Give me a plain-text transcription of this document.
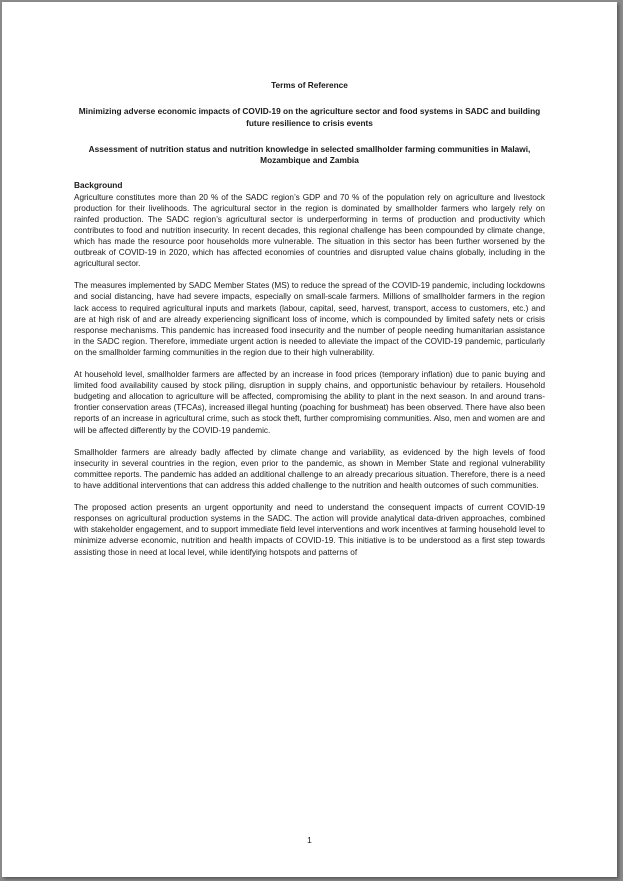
Terms of Reference

Minimizing adverse economic impacts of COVID-19 on the agriculture sector and food systems in SADC and building future resilience to crisis events

Assessment of nutrition status and nutrition knowledge in selected smallholder farming communities in Malawi, Mozambique and Zambia

Background

Agriculture constitutes more than 20 % of the SADC region’s GDP and 70 % of the population rely on agriculture and livestock production for their livelihoods. The agricultural sector in the region is dominated by smallholder farmers who largely rely on rainfed production. The SADC region’s agricultural sector is underperforming in terms of production and productivity which contributes to food and nutrition insecurity. In recent decades, this regional challenge has been compounded by climate change, which has made the resource poor households more vulnerable. The situation in this sector has been further worsened by the outbreak of COVID-19 in 2020, which has affected economies of countries and disrupted value chains globally, including in the agricultural sector.

The measures implemented by SADC Member States (MS) to reduce the spread of the COVID-19 pandemic, including lockdowns and social distancing, have had severe impacts, especially on small-scale farmers. Millions of smallholder farmers in the region lack access to required agricultural inputs and markets (labour, capital, seed, harvest, transport, access to customers, etc.) and are at high risk of and are already experiencing significant loss of income, which is compounded by limited safety nets or crisis response mechanisms. This pandemic has increased food insecurity and the number of people needing humanitarian assistance in the SADC region. Therefore, immediate urgent action is needed to alleviate the impact of the COVID-19 pandemic, particularly on the smallholder farming communities in the region due to their high vulnerability.

At household level, smallholder farmers are affected by an increase in food prices (temporary inflation) due to panic buying and limited food availability caused by stock piling, disruption in supply chains, and opportunistic behaviour by retailers. Household budgeting and allocation to agriculture will be affected, compromising the ability to plant in the next season. In and around trans-frontier conservation areas (TFCAs), increased illegal hunting (poaching for bushmeat) has been observed. There have also been reports of an increase in agricultural crime, such as stock theft, further compromising communities. Also, men and women are and will be affected differently by the COVID-19 pandemic.

Smallholder farmers are already badly affected by climate change and variability, as evidenced by the high levels of food insecurity in several countries in the region, even prior to the pandemic, as shown in Member State and regional vulnerability committee reports. The pandemic has added an additional challenge to an already precarious situation. Therefore, there is a need to have additional interventions that can address this added challenge to the nutrition and health outcomes of such communities.

The proposed action presents an urgent opportunity and need to understand the consequent impacts of current COVID-19 responses on agricultural production systems in the SADC. The action will provide analytical data-driven approaches, combined with stakeholder engagement, and to support immediate field level interventions and work incentives at farming household level to minimize adverse economic, nutrition and health impacts of COVID-19. This initiative is to be understood as a first step towards assisting those in need at local level, while identifying hotspots and patterns of

1
